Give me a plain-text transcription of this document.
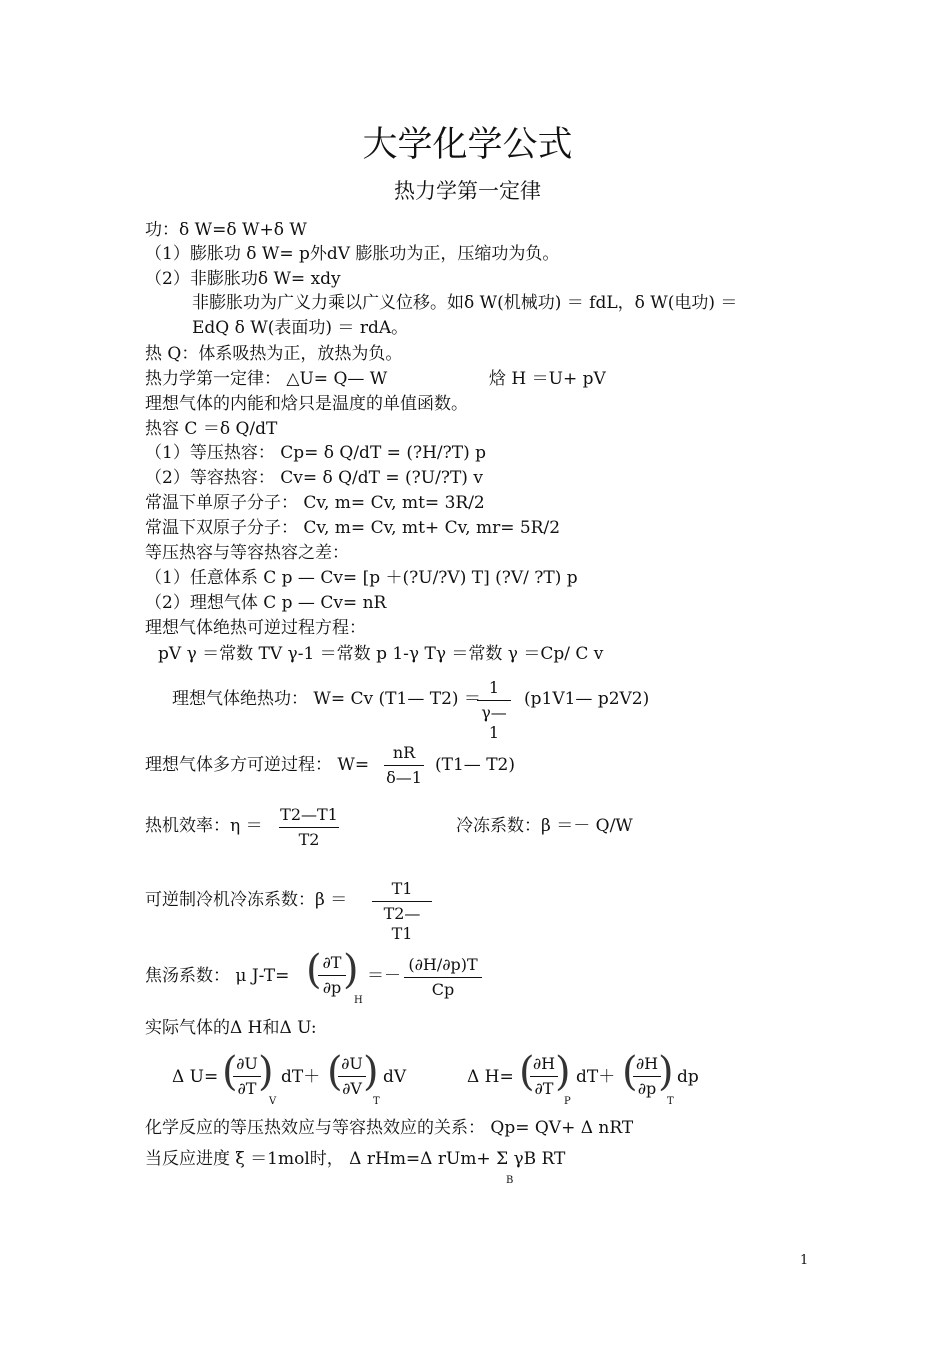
大学化学公式
热力学第一定律
功：δ W=δ W+δ W
（1）膨胀功 δ W= p外dV 膨胀功为正，压缩功为负。
（2）非膨胀功δ W= xdy
非膨胀功为广义力乘以广义位移。如δ W(机械功) ＝ fdL，δ W(电功) ＝
EdQ δ W(表面功) ＝ rdA。
热 Q：体系吸热为正，放热为负。
热力学第一定律： △U= Q— W	焓 H ＝U+ pV
理想气体的内能和焓只是温度的单值函数。
热容 C ＝δ Q/dT
（1）等压热容： Cp= δ Q/dT = (?H/?T) p
（2）等容热容： Cv= δ Q/dT = (?U/?T) v
常温下单原子分子： Cv, m= Cv, mt= 3R/2
常温下双原子分子： Cv, m= Cv, mt+ Cv, mr= 5R/2
等压热容与等容热容之差：
（1）任意体系 C p — Cv= [p ＋(?U/?V) T] (?V/ ?T) p
（2）理想气体 C p — Cv= nR
理想气体绝热可逆过程方程：
pV γ ＝常数 TV γ-1 ＝常数 p 1-γ Tγ ＝常数 γ ＝Cp/ C v
理想气体绝热功： W= Cv (T1— T2) ＝
1
γ—1
(p1V1— p2V2)
理想气体多方可逆过程： W=
nR
δ—1
(T1— T2)
热机效率：η ＝
T2—T1
T2
冷冻系数：β ＝－ Q/W
可逆制冷机冷冻系数：β ＝
T1
T2— T1
焦汤系数： μ J-T= ( ∂T
∂p )
H
＝－
(∂H/∂p)T
Cp
实际气体的Δ H和Δ U:
Δ U= (
∂U
∂T )
V
dT＋ (
∂U
∂V )
T
dV	Δ H= (
∂H
∂T )
P
dT＋ (
∂H
∂p )
T
dp
化学反应的等压热效应与等容热效应的关系： Qp= QV+ Δ nRT
当反应进度 ξ ＝1mol时， Δ rHm=Δ rUm+ Σ γB RT
B
1
